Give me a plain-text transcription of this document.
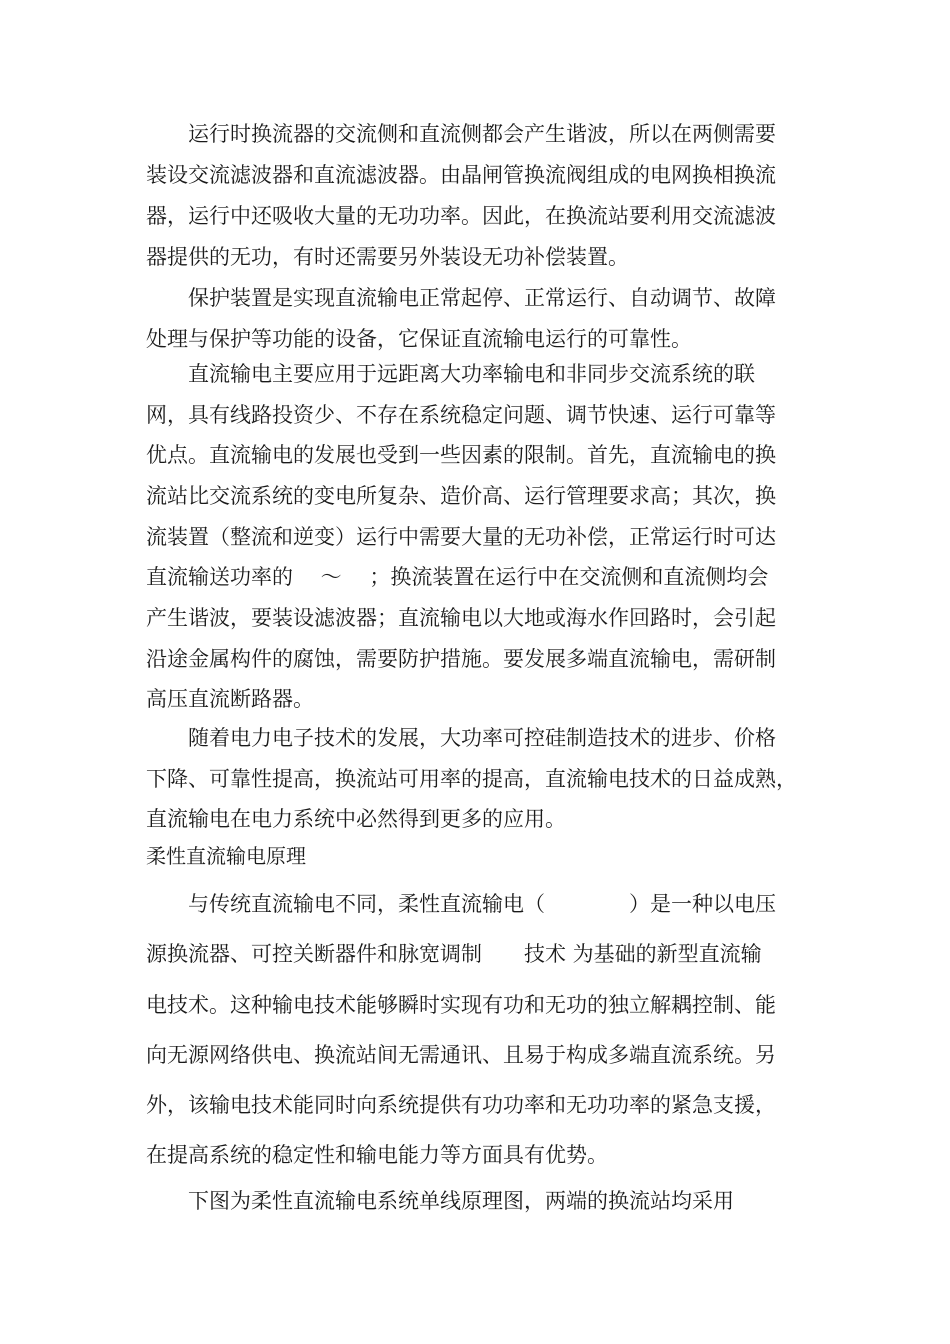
　　运行时换流器的交流侧和直流侧都会产生谐波，所以在两侧需要
装设交流滤波器和直流滤波器。由晶闸管换流阀组成的电网换相换流
器，运行中还吸收大量的无功功率。因此，在换流站要利用交流滤波
器提供的无功，有时还需要另外装设无功补偿装置。
　　保护装置是实现直流输电正常起停、正常运行、自动调节、故障
处理与保护等功能的设备，它保证直流输电运行的可靠性。
　　直流输电主要应用于远距离大功率输电和非同步交流系统的联
网，具有线路投资少、不存在系统稳定问题、调节快速、运行可靠等
优点。直流输电的发展也受到一些因素的限制。首先，直流输电的换
流站比交流系统的变电所复杂、造价高、运行管理要求高；其次，换
流装置（整流和逆变）运行中需要大量的无功补偿，正常运行时可达
直流输送功率的　 ～　 ；换流装置在运行中在交流侧和直流侧均会
产生谐波，要装设滤波器；直流输电以大地或海水作回路时，会引起
沿途金属构件的腐蚀，需要防护措施。要发展多端直流输电，需研制
高压直流断路器。
　　随着电力电子技术的发展，大功率可控硅制造技术的进步、价格
下降、可靠性提高，换流站可用率的提高，直流输电技术的日益成熟，
直流输电在电力系统中必然得到更多的应用。
柔性直流输电原理
　　与传统直流输电不同，柔性直流输电（　　　　）是一种以电压
源换流器、可控关断器件和脉宽调制　　技术 为基础的新型直流输
电技术。这种输电技术能够瞬时实现有功和无功的独立解耦控制、能
向无源网络供电、换流站间无需通讯、且易于构成多端直流系统。另
外，该输电技术能同时向系统提供有功功率和无功功率的紧急支援，
在提高系统的稳定性和输电能力等方面具有优势。
　　下图为柔性直流输电系统单线原理图，两端的换流站均采用
